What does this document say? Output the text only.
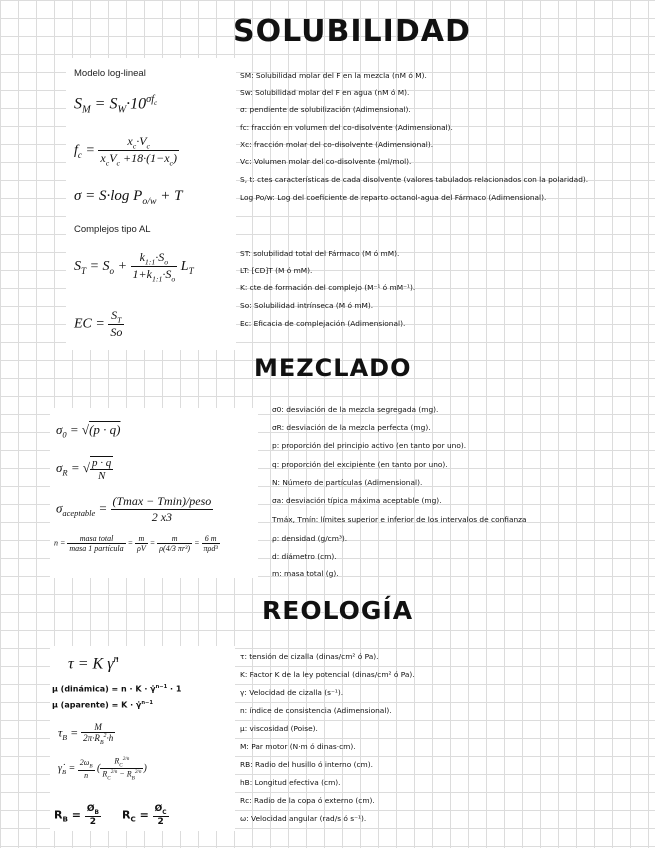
SOLUBILIDAD
Modelo log-lineal
$S_M = S_W\cdot 10^{\sigma f_c}$
$f_c = \frac{x_c\cdot V_c}{x_cV_c +18\cdot(1-x_c)}$
σ = S·log $P_{o/w} + T$
Complejos tipo AL
$S_T = S_o + \frac{k_{1:1}\cdot S_o}{1+k_{1:1}\cdot S_o} L_T$
EC = $\frac{S_T}{So}$
SM: Solubilidad molar del F en la mezcla (nM ó M).
Sw: Solubilidad molar del F en agua (nM ó M).
σ: pendiente de solubilización (Adimensional).
fc: fracción en volumen del co-disolvente (Adimensional).
Xc: fracción molar del co-disolvente (Adimensional).
Vc: Volumen molar del co-disolvente (ml/mol).
S, t: ctes características de cada disolvente (valores tabulados relacionados con la polaridad).
Log Po/w: Log del coeficiente de reparto octanol-agua del Fármaco (Adimensional).
ST: solubilidad total del Fármaco (M ó mM).
LT: [CD]T (M ó mM).
K: cte de formación del complejo (M⁻¹ ó mM⁻¹).
So: Solubilidad intrínseca (M ó mM).
Ec: Eficacia de complejación (Adimensional).
MEZCLADO
$\sigma_0 = √(p \cdot q)$
$\sigma_R$ = √ $\frac{p \cdot q}{N}$
$\sigma_{aceptable} = \frac{\text{(Tmax − Tmin)/peso}}{2 x3}$
$n = \frac{\text{masa total}}{\text{masa 1 partícula}} = \frac{m}{\rho V} = \frac{m}{\text{ρ(4/3 πr³)}} = \frac{6 m}{\text{πρd³}}$
σ0: desviación de la mezcla segregada (mg).
σR: desviación de la mezcla perfecta (mg).
p: proporción del principio activo (en tanto por uno).
q: proporción del excipiente (en tanto por uno).
N: Número de partículas (Adimensional).
σa: desviación típica máxima aceptable (mg).
Tmáx, Tmín: límites superior e inferior de los intervalos de confianza
ρ: densidad (g/cm³).
d: diámetro (cm).
m: masa total (g).
REOLOGÍA
τ = K γ̇$^n$
μ (dinámica) = n · K · γ̇$^{n-1}$ · 1
μ (aparente) = K · γ̇$^{n-1}$
$\tau_B = \frac{M}{2\pi\cdot R_B^2\cdot h}$
$\gammȧ_B = \frac{2\omega_B}{n}$ ( $\frac{R_C^{2/n}}{R_C^{2/n} - R_B^{2/n}}$ )
$R_B = \frac{Ø_B}{2} R_C = \frac{Ø_C}{2}$
τ: tensión de cizalla (dinas/cm² ó Pa).
K: Factor K de la ley potencial (dinas/cm² ó Pa).
γ: Velocidad de cizalla (s⁻¹).
n: índice de consistencia (Adimensional).
μ: viscosidad (Poise).
M: Par motor (N·m ó dinas·cm).
RB: Radio del husillo ó interno (cm).
hB: Longitud efectiva (cm).
Rc: Radio de la copa ó externo (cm).
ω: Velocidad angular (rad/s ó s⁻¹).
